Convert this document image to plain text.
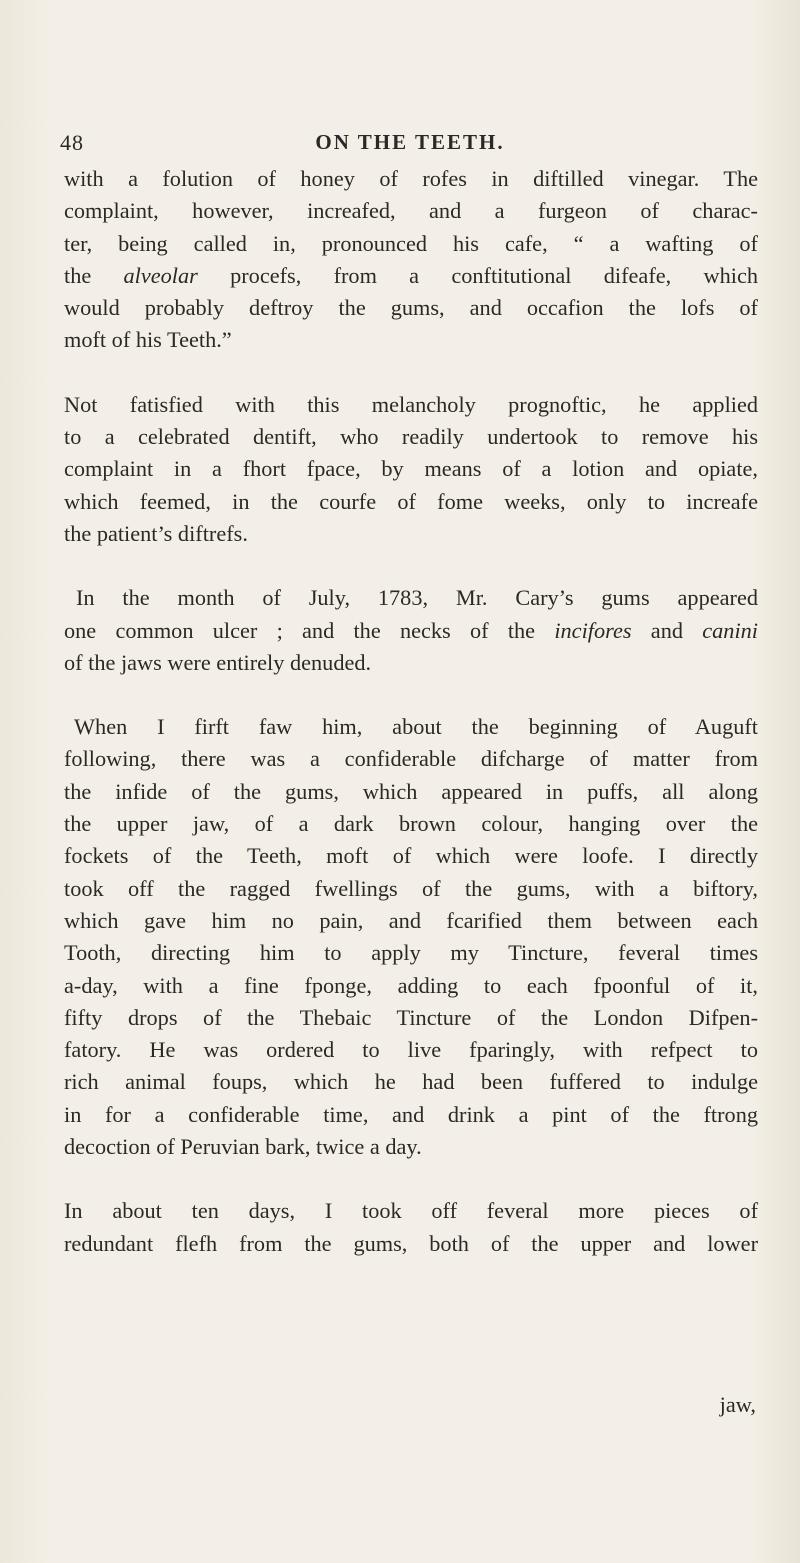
48	ON THE TEETH.

with a folution of honey of rofes in diftilled vinegar. The
complaint, however, increafed, and a furgeon of charac-
ter, being called in, pronounced his cafe, “ a wafting of
the alveolar procefs, from a conftitutional difeafe, which
would probably deftroy the gums, and occafion the lofs of
moft of his Teeth.”

Not fatisfied with this melancholy prognoftic, he applied
to a celebrated dentift, who readily undertook to remove his
complaint in a fhort fpace, by means of a lotion and opiate,
which feemed, in the courfe of fome weeks, only to increafe
the patient’s diftrefs.

In the month of July, 1783, Mr. Cary’s gums appeared
one common ulcer ; and the necks of the incifores and canini
of the jaws were entirely denuded.

When I firft faw him, about the beginning of Auguft
following, there was a confiderable difcharge of matter from
the infide of the gums, which appeared in puffs, all along
the upper jaw, of a dark brown colour, hanging over the
fockets of the Teeth, moft of which were loofe. I directly
took off the ragged fwellings of the gums, with a biftory,
which gave him no pain, and fcarified them between each
Tooth, directing him to apply my Tincture, feveral times
a-day, with a fine fponge, adding to each fpoonful of it,
fifty drops of the Thebaic Tincture of the London Difpen-
fatory. He was ordered to live fparingly, with refpect to
rich animal foups, which he had been fuffered to indulge
in for a confiderable time, and drink a pint of the ftrong
decoction of Peruvian bark, twice a day.

In about ten days, I took off feveral more pieces of
redundant flefh from the gums, both of the upper and lower

jaw,
